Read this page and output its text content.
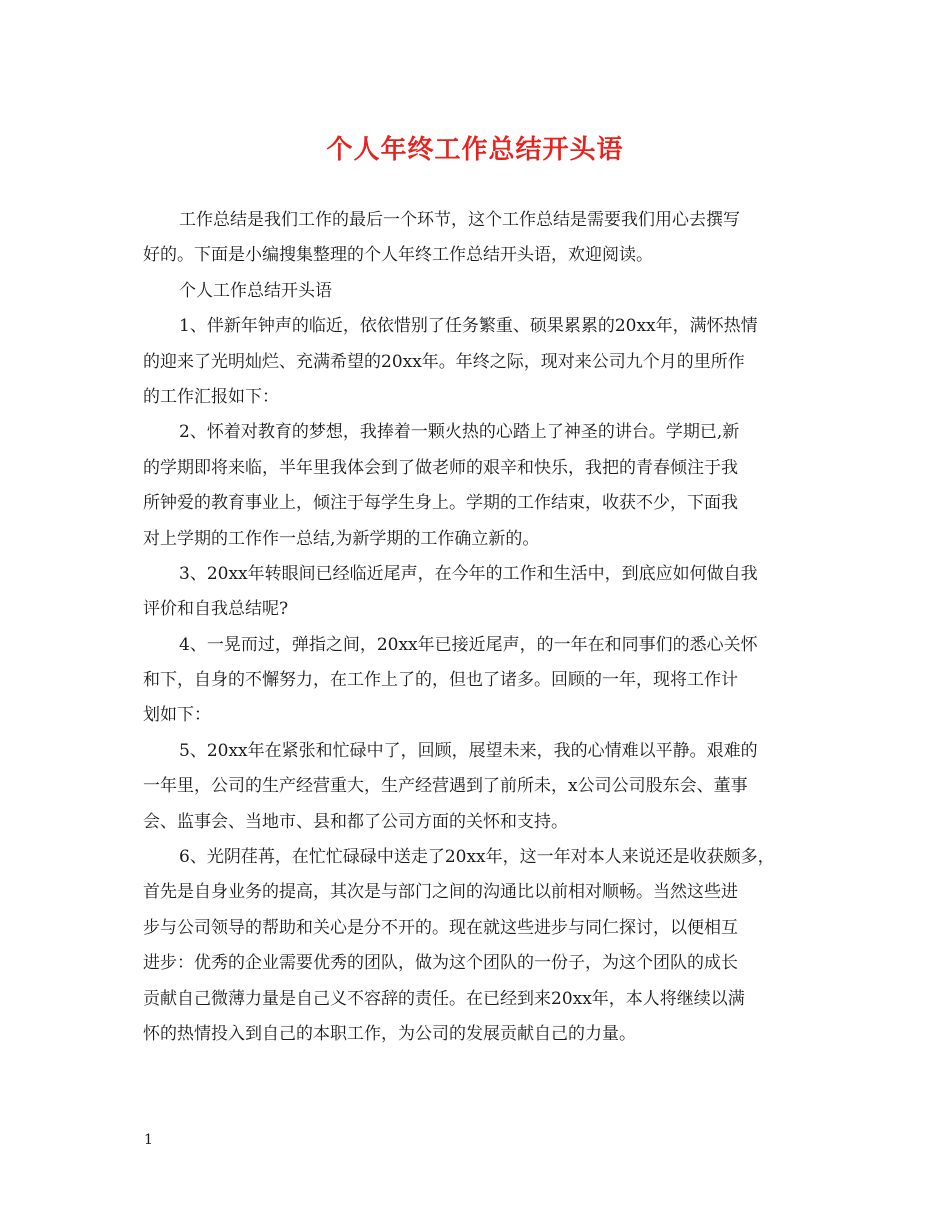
个人年终工作总结开头语
工作总结是我们工作的最后一个环节，这个工作总结是需要我们用心去撰写
好的。下面是小编搜集整理的个人年终工作总结开头语，欢迎阅读。
个人工作总结开头语
1、伴新年钟声的临近，依依惜别了任务繁重、硕果累累的20xx年，满怀热情
的迎来了光明灿烂、充满希望的20xx年。年终之际，现对来公司九个月的里所作
的工作汇报如下：
2、怀着对教育的梦想，我捧着一颗火热的心踏上了神圣的讲台。学期已,新
的学期即将来临，半年里我体会到了做老师的艰辛和快乐，我把的青春倾注于我
所钟爱的教育事业上，倾注于每学生身上。学期的工作结束，收获不少，下面我
对上学期的工作作一总结,为新学期的工作确立新的。
3、20xx年转眼间已经临近尾声，在今年的工作和生活中，到底应如何做自我
评价和自我总结呢?
4、一晃而过，弹指之间，20xx年已接近尾声，的一年在和同事们的悉心关怀
和下，自身的不懈努力，在工作上了的，但也了诸多。回顾的一年，现将工作计
划如下：
5、20xx年在紧张和忙碌中了，回顾，展望未来，我的心情难以平静。艰难的
一年里，公司的生产经营重大，生产经营遇到了前所未，x公司公司股东会、董事
会、监事会、当地市、县和都了公司方面的关怀和支持。
6、光阴荏苒，在忙忙碌碌中送走了20xx年，这一年对本人来说还是收获颇多，
首先是自身业务的提高，其次是与部门之间的沟通比以前相对顺畅。当然这些进
步与公司领导的帮助和关心是分不开的。现在就这些进步与同仁探讨，以便相互
进步：优秀的企业需要优秀的团队，做为这个团队的一份子，为这个团队的成长
贡献自己微薄力量是自己义不容辞的责任。在已经到来20xx年，本人将继续以满
怀的热情投入到自己的本职工作，为公司的发展贡献自己的力量。
1
